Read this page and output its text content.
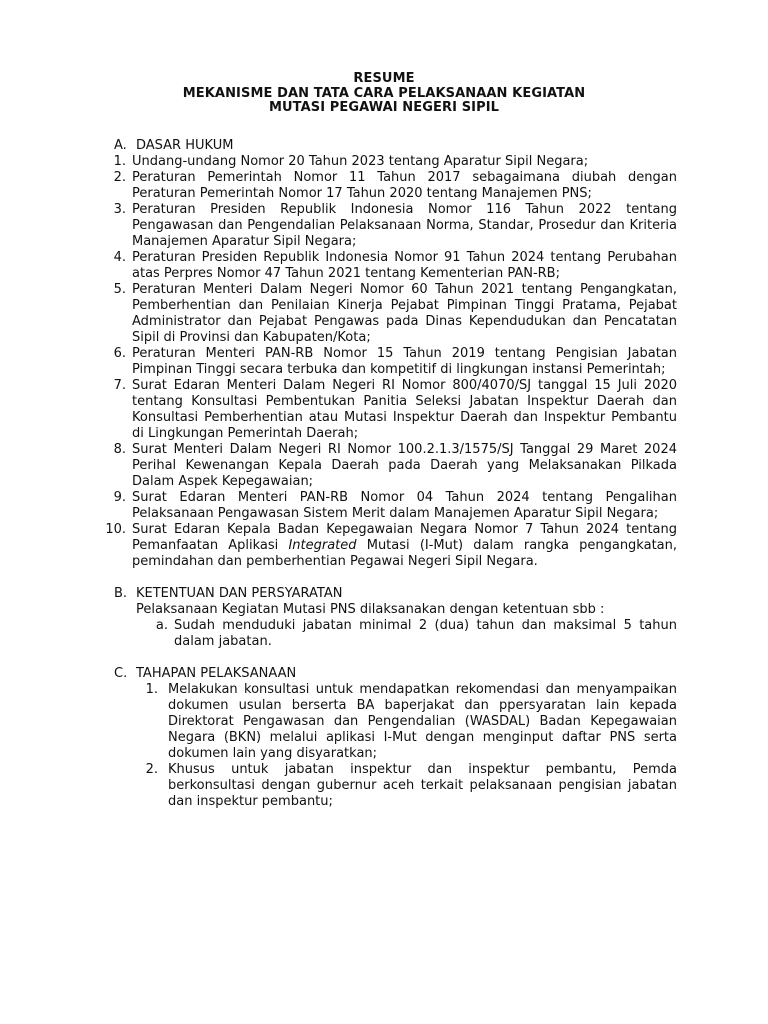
RESUME
MEKANISME DAN TATA CARA PELAKSANAAN KEGIATAN
MUTASI PEGAWAI NEGERI SIPIL
A. DASAR HUKUM
1. Undang-undang Nomor 20 Tahun 2023 tentang Aparatur Sipil Negara;
2. Peraturan Pemerintah Nomor 11 Tahun 2017 sebagaimana diubah dengan Peraturan Pemerintah Nomor 17 Tahun 2020 tentang Manajemen PNS;
3. Peraturan Presiden Republik Indonesia Nomor 116 Tahun 2022 tentang Pengawasan dan Pengendalian Pelaksanaan Norma, Standar, Prosedur dan Kriteria Manajemen Aparatur Sipil Negara;
4. Peraturan Presiden Republik Indonesia Nomor 91 Tahun 2024 tentang Perubahan atas Perpres Nomor 47 Tahun 2021 tentang Kementerian PAN-RB;
5. Peraturan Menteri Dalam Negeri Nomor 60 Tahun 2021 tentang Pengangkatan, Pemberhentian dan Penilaian Kinerja Pejabat Pimpinan Tinggi Pratama, Pejabat Administrator dan Pejabat Pengawas pada Dinas Kependudukan dan Pencatatan Sipil di Provinsi dan Kabupaten/Kota;
6. Peraturan Menteri PAN-RB Nomor 15 Tahun 2019 tentang Pengisian Jabatan Pimpinan Tinggi secara terbuka dan kompetitif di lingkungan instansi Pemerintah;
7. Surat Edaran Menteri Dalam Negeri RI Nomor 800/4070/SJ tanggal 15 Juli 2020 tentang Konsultasi Pembentukan Panitia Seleksi Jabatan Inspektur Daerah dan Konsultasi Pemberhentian atau Mutasi Inspektur Daerah dan Inspektur Pembantu di Lingkungan Pemerintah Daerah;
8. Surat Menteri Dalam Negeri RI Nomor 100.2.1.3/1575/SJ Tanggal 29 Maret 2024 Perihal Kewenangan Kepala Daerah pada Daerah yang Melaksanakan Pilkada Dalam Aspek Kepegawaian;
9. Surat Edaran Menteri PAN-RB Nomor 04 Tahun 2024 tentang Pengalihan Pelaksanaan Pengawasan Sistem Merit dalam Manajemen Aparatur Sipil Negara;
10. Surat Edaran Kepala Badan Kepegawaian Negara Nomor 7 Tahun 2024 tentang Pemanfaatan Aplikasi Integrated Mutasi (I-Mut) dalam rangka pengangkatan, pemindahan dan pemberhentian Pegawai Negeri Sipil Negara.
B. KETENTUAN DAN PERSYARATAN
Pelaksanaan Kegiatan Mutasi PNS dilaksanakan dengan ketentuan sbb :
a. Sudah menduduki jabatan minimal 2 (dua) tahun dan maksimal 5 tahun dalam jabatan.
C. TAHAPAN PELAKSANAAN
1. Melakukan konsultasi untuk mendapatkan rekomendasi dan menyampaikan dokumen usulan berserta BA baperjakat dan ppersyaratan lain kepada Direktorat Pengawasan dan Pengendalian (WASDAL) Badan Kepegawaian Negara (BKN) melalui aplikasi I-Mut dengan menginput daftar PNS serta dokumen lain yang disyaratkan;
2. Khusus untuk jabatan inspektur dan inspektur pembantu, Pemda berkonsultasi dengan gubernur aceh terkait pelaksanaan pengisian jabatan dan inspektur pembantu;
